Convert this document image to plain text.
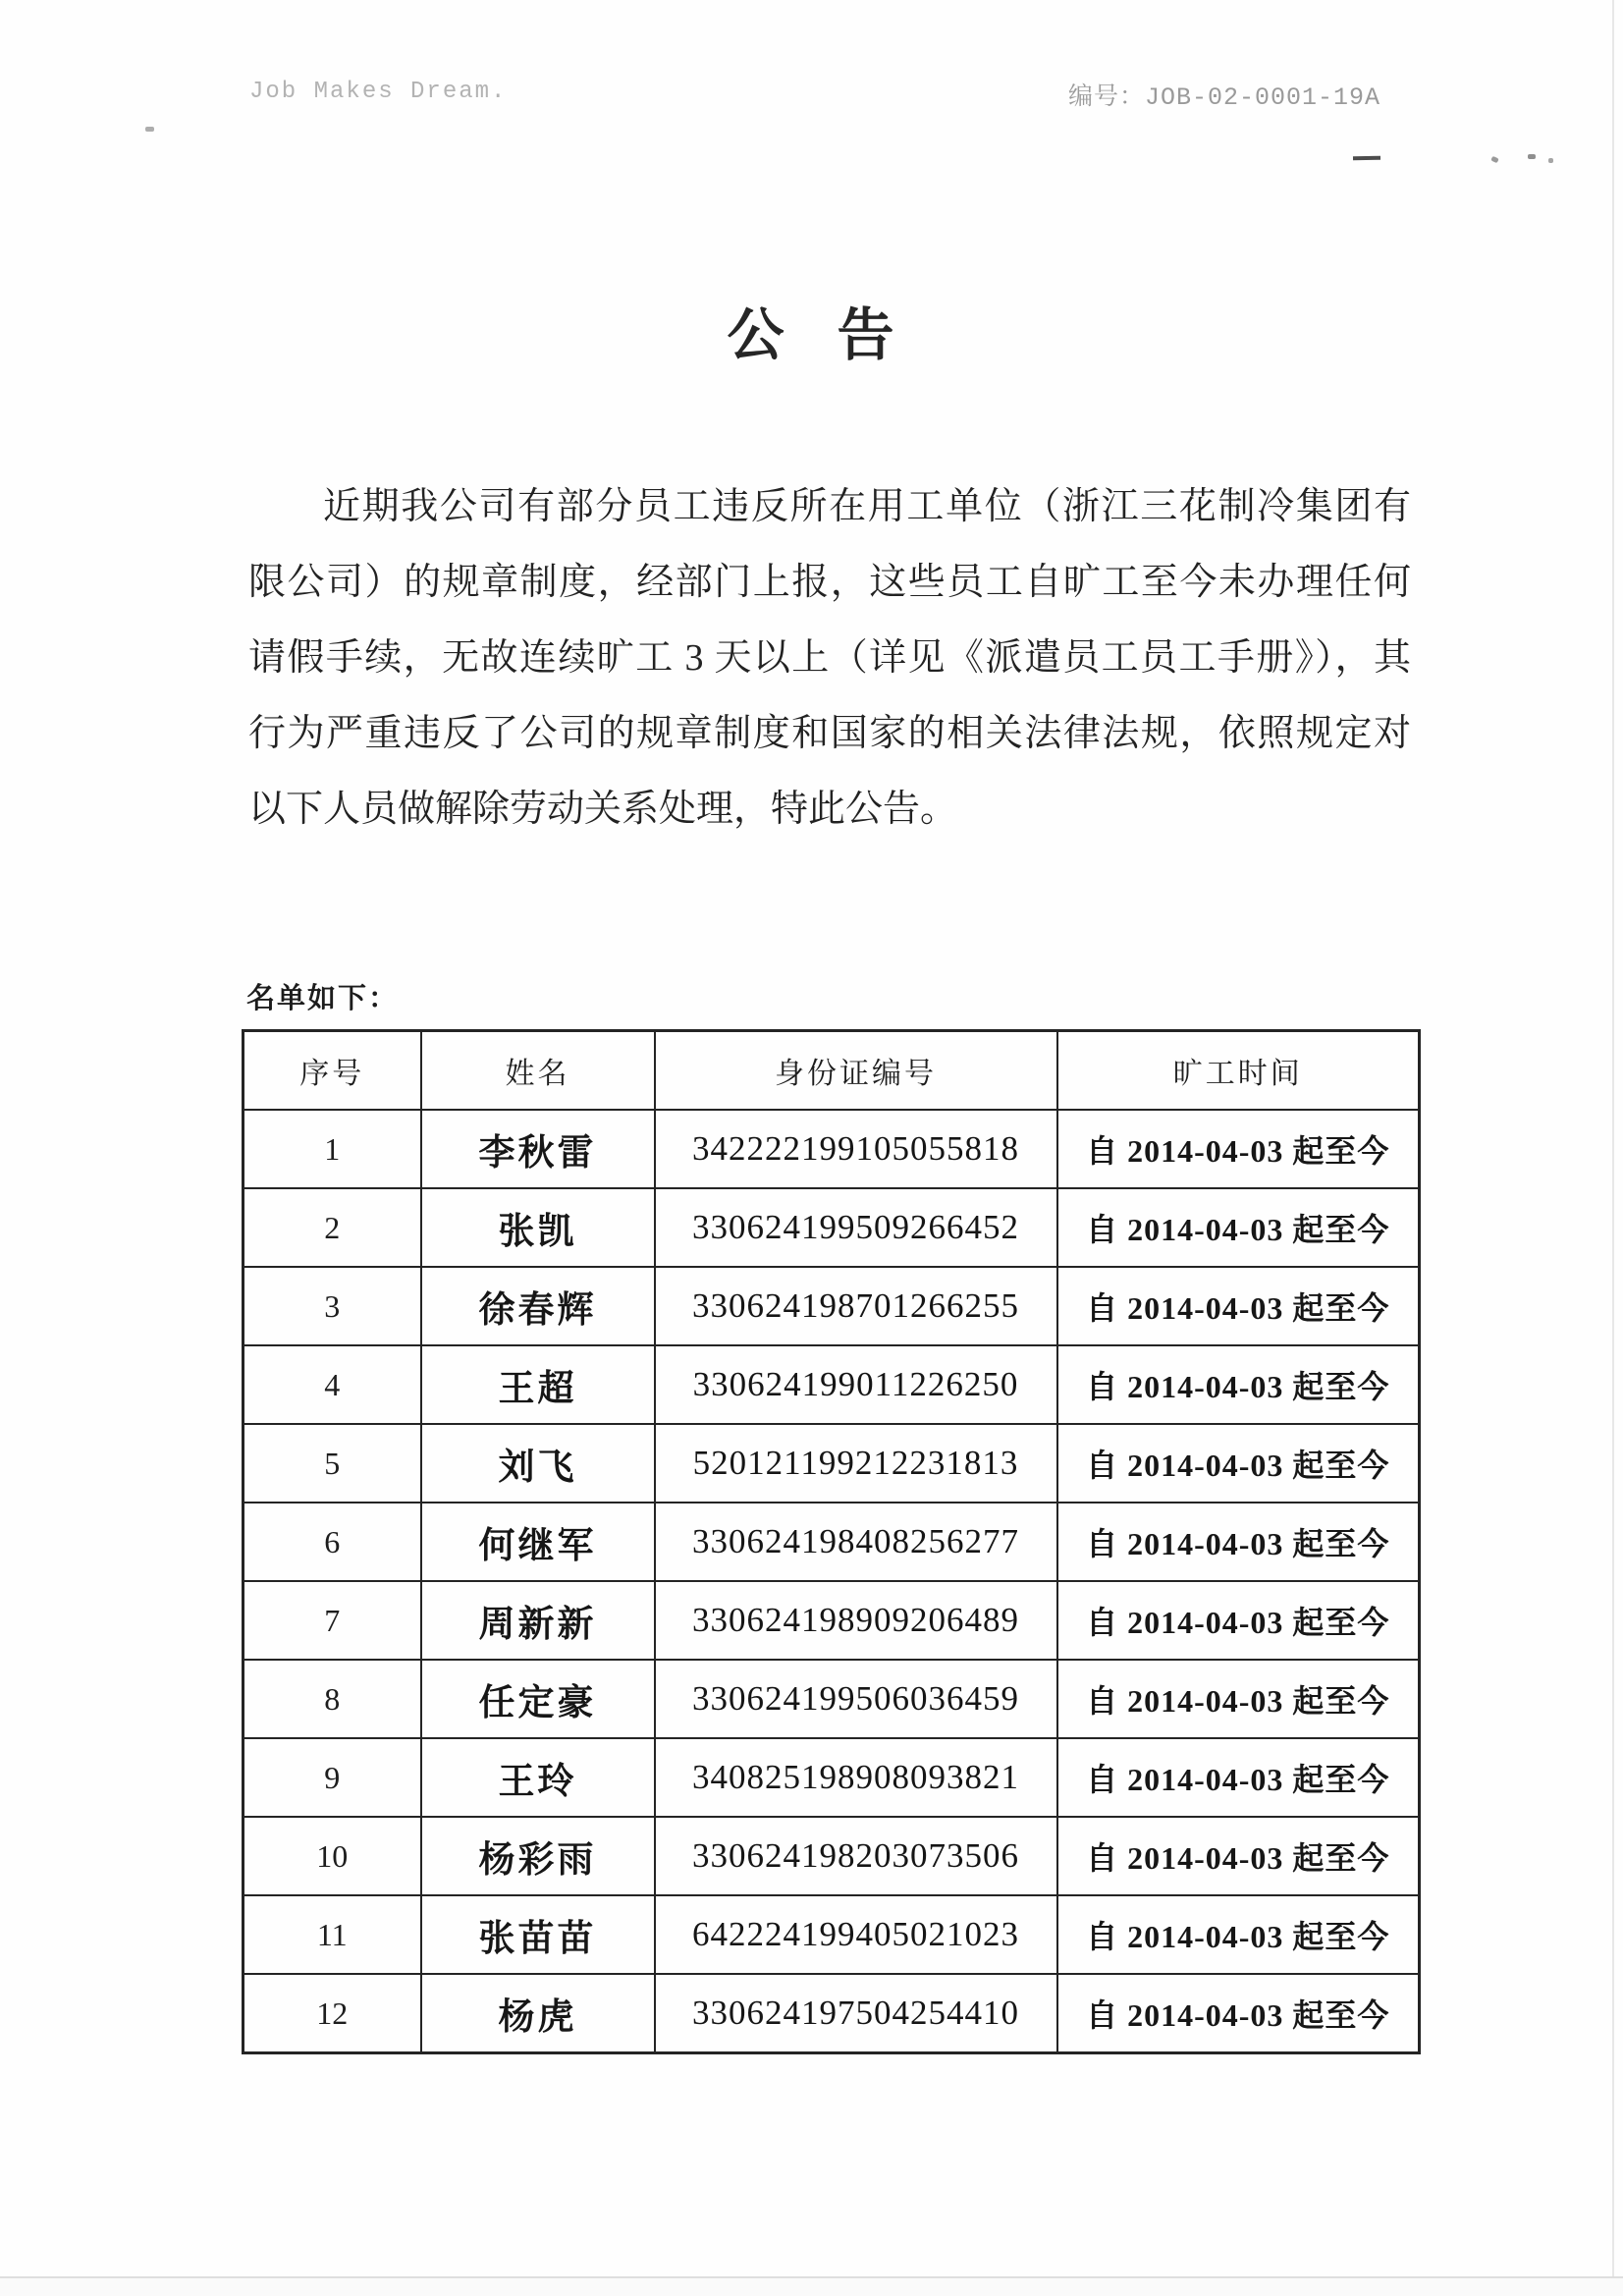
Job Makes Dream.	编号：JOB-02-0001-19A
公 告
近期我公司有部分员工违反所在用工单位（浙江三花制冷集团有
限公司）的规章制度，经部门上报，这些员工自旷工至今未办理任何
请假手续，无故连续旷工 3 天以上（详见《派遣员工员工手册》），其
行为严重违反了公司的规章制度和国家的相关法律法规，依照规定对
以下人员做解除劳动关系处理，特此公告。
名单如下：
序号	姓名	身份证编号	旷工时间
1	李秋雷	342222199105055818	自 2014-04-03 起至今
2	张凯	330624199509266452	自 2014-04-03 起至今
3	徐春辉	330624198701266255	自 2014-04-03 起至今
4	王超	330624199011226250	自 2014-04-03 起至今
5	刘飞	520121199212231813	自 2014-04-03 起至今
6	何继军	330624198408256277	自 2014-04-03 起至今
7	周新新	330624198909206489	自 2014-04-03 起至今
8	任定豪	330624199506036459	自 2014-04-03 起至今
9	王玲	340825198908093821	自 2014-04-03 起至今
10	杨彩雨	330624198203073506	自 2014-04-03 起至今
11	张苗苗	642224199405021023	自 2014-04-03 起至今
12	杨虎	330624197504254410	自 2014-04-03 起至今
